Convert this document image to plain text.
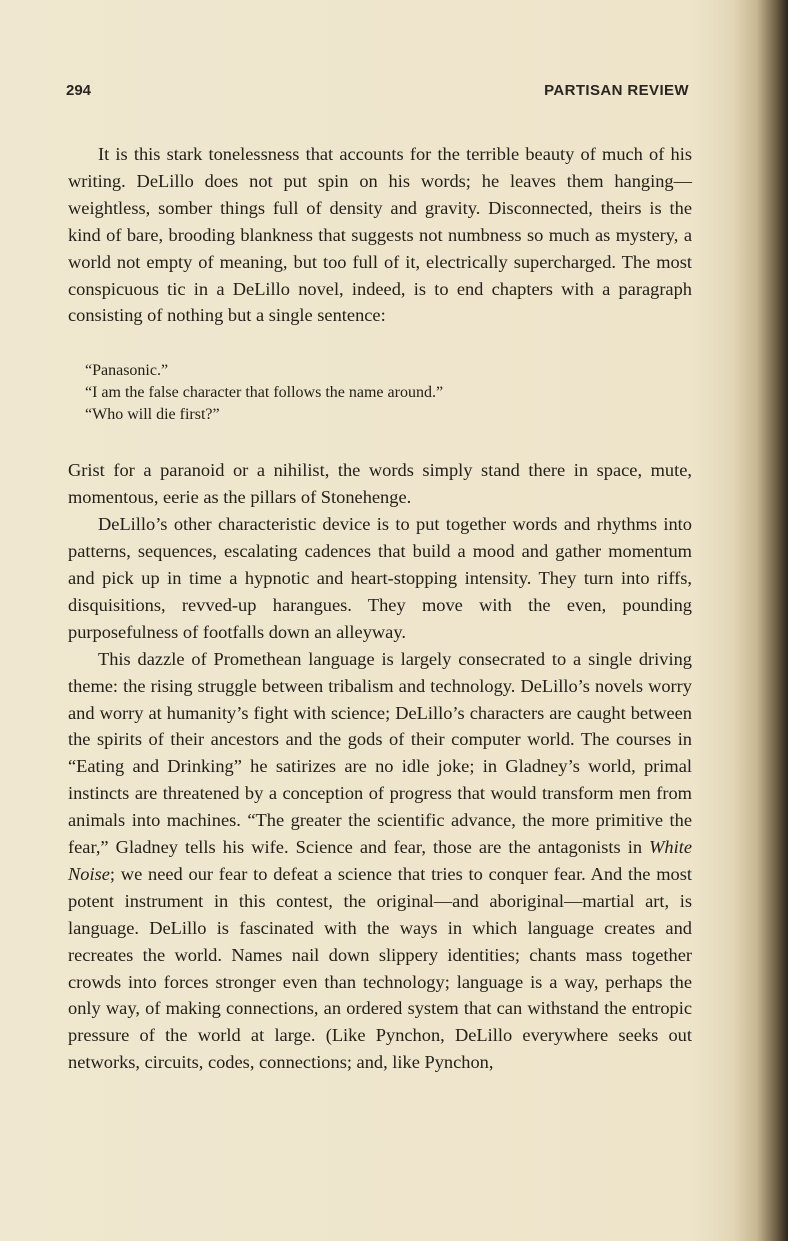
294	PARTISAN REVIEW

It is this stark tonelessness that accounts for the terrible beauty of much of his writing. DeLillo does not put spin on his words; he leaves them hanging—weightless, somber things full of density and gravity. Disconnected, theirs is the kind of bare, brooding blankness that suggests not numbness so much as mystery, a world not empty of meaning, but too full of it, electrically supercharged. The most conspicuous tic in a DeLillo novel, indeed, is to end chapters with a paragraph consisting of nothing but a single sentence:

“Panasonic.”
“I am the false character that follows the name around.”
“Who will die first?”

Grist for a paranoid or a nihilist, the words simply stand there in space, mute, momentous, eerie as the pillars of Stonehenge.

DeLillo’s other characteristic device is to put together words and rhythms into patterns, sequences, escalating cadences that build a mood and gather momentum and pick up in time a hypnotic and heart-stopping intensity. They turn into riffs, disquisitions, revved-up harangues. They move with the even, pounding purposefulness of footfalls down an alleyway.

This dazzle of Promethean language is largely consecrated to a single driving theme: the rising struggle between tribalism and technology. DeLillo’s novels worry and worry at humanity’s fight with science; DeLillo’s characters are caught between the spirits of their ancestors and the gods of their computer world. The courses in “Eating and Drinking” he satirizes are no idle joke; in Gladney’s world, primal instincts are threatened by a conception of progress that would transform men from animals into machines. “The greater the scientific advance, the more primitive the fear,” Gladney tells his wife. Science and fear, those are the antagonists in White Noise; we need our fear to defeat a science that tries to conquer fear. And the most potent instrument in this contest, the original—and aboriginal—martial art, is language. DeLillo is fascinated with the ways in which language creates and recreates the world. Names nail down slippery identities; chants mass together crowds into forces stronger even than technology; language is a way, perhaps the only way, of making connections, an ordered system that can withstand the entropic pressure of the world at large. (Like Pynchon, DeLillo everywhere seeks out networks, circuits, codes, connections; and, like Pynchon,
